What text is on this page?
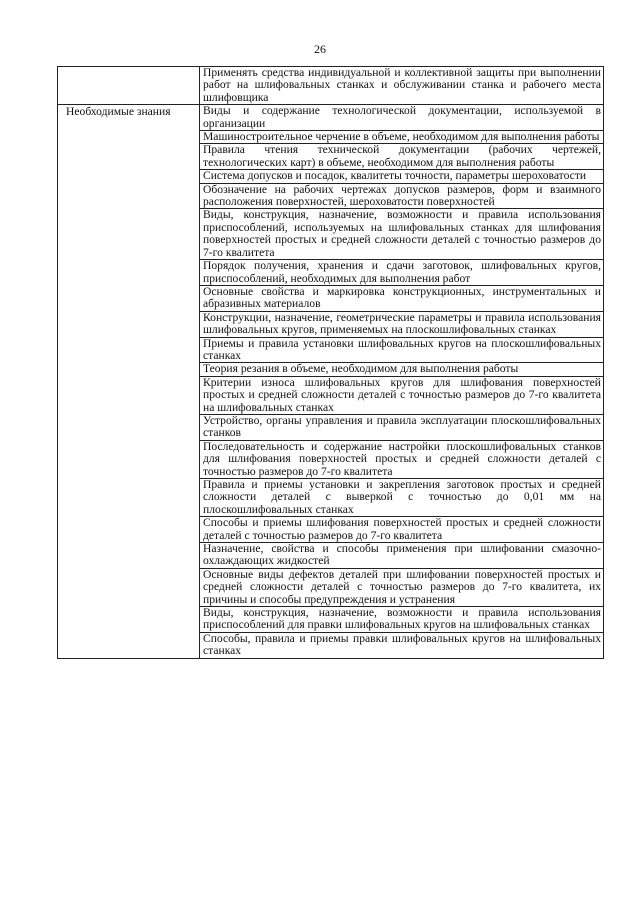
26
	Применять средства индивидуальной и коллективной защиты при выполнении работ на шлифовальных станках и обслуживании станка и рабочего места шлифовщика
Необходимые знания	Виды и содержание технологической документации, используемой в организации
	Машиностроительное черчение в объеме, необходимом для выполнения работы
	Правила чтения технической документации (рабочих чертежей, технологических карт) в объеме, необходимом для выполнения работы
	Система допусков и посадок, квалитеты точности, параметры шероховатости
	Обозначение на рабочих чертежах допусков размеров, форм и взаимного расположения поверхностей, шероховатости поверхностей
	Виды, конструкция, назначение, возможности и правила использования приспособлений, используемых на шлифовальных станках для шлифования поверхностей простых и средней сложности деталей с точностью размеров до 7-го квалитета
	Порядок получения, хранения и сдачи заготовок, шлифовальных кругов, приспособлений, необходимых для выполнения работ
	Основные свойства и маркировка конструкционных, инструментальных и абразивных материалов
	Конструкции, назначение, геометрические параметры и правила использования шлифовальных кругов, применяемых на плоскошлифовальных станках
	Приемы и правила установки шлифовальных кругов на плоскошлифовальных станках
	Теория резания в объеме, необходимом для выполнения работы
	Критерии износа шлифовальных кругов для шлифования поверхностей простых и средней сложности деталей с точностью размеров до 7-го квалитета на шлифовальных станках
	Устройство, органы управления и правила эксплуатации плоскошлифовальных станков
	Последовательность и содержание настройки плоскошлифовальных станков для шлифования поверхностей простых и средней сложности деталей с точностью размеров до 7-го квалитета
	Правила и приемы установки и закрепления заготовок простых и средней сложности деталей с выверкой с точностью до 0,01 мм на плоскошлифовальных станках
	Способы и приемы шлифования поверхностей простых и средней сложности деталей с точностью размеров до 7-го квалитета
	Назначение, свойства и способы применения при шлифовании смазочно-охлаждающих жидкостей
	Основные виды дефектов деталей при шлифовании поверхностей простых и средней сложности деталей с точностью размеров до 7-го квалитета, их причины и способы предупреждения и устранения
	Виды, конструкция, назначение, возможности и правила использования приспособлений для правки шлифовальных кругов на шлифовальных станках
	Способы, правила и приемы правки шлифовальных кругов на шлифовальных станках
